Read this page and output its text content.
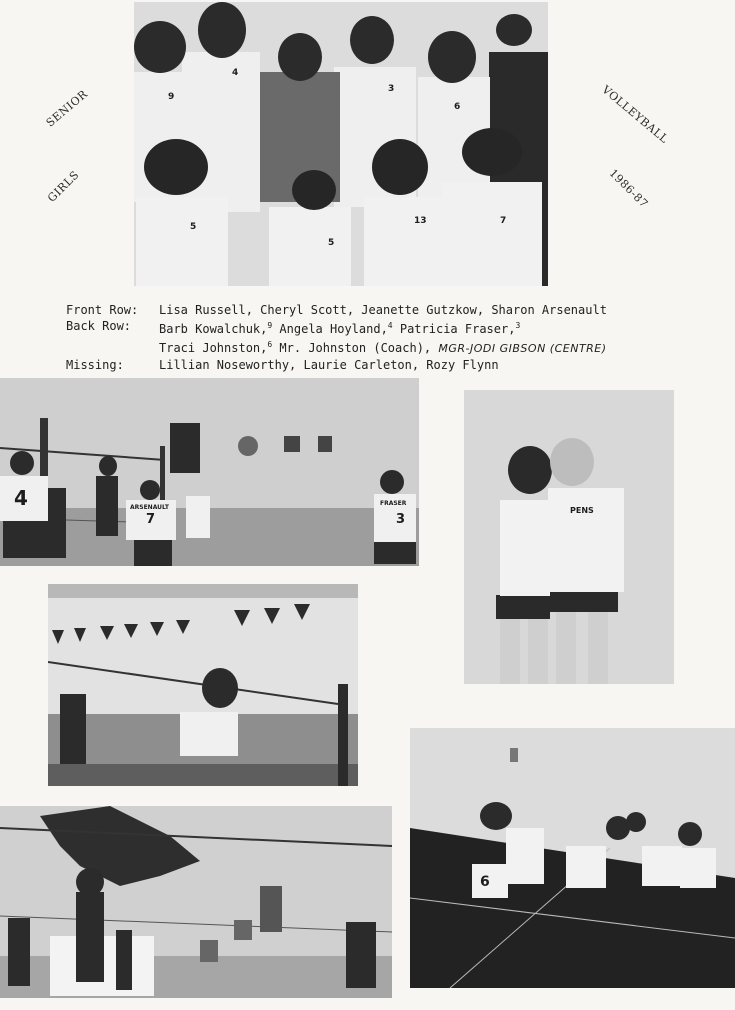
SENIOR
GIRLS
VOLLEYBALL
1986-87
9
4
3
6
5
5
13	7
Front Row:	Lisa Russell, Cheryl Scott, Jeanette Gutzkow, Sharon Arsenault
Back Row:	Barb Kowalchuk,$^9$ Angela Hoyland,$^4$ Patricia Fraser,$^3$
Traci Johnston,$^6$ Mr. Johnston (Coach), MGR-JODI GIBSON (CENTRE)
Missing:	Lillian Noseworthy, Laurie Carleton, Rozy Flynn
4	ARSENAULT
7
FRASER
3
PENS
6
